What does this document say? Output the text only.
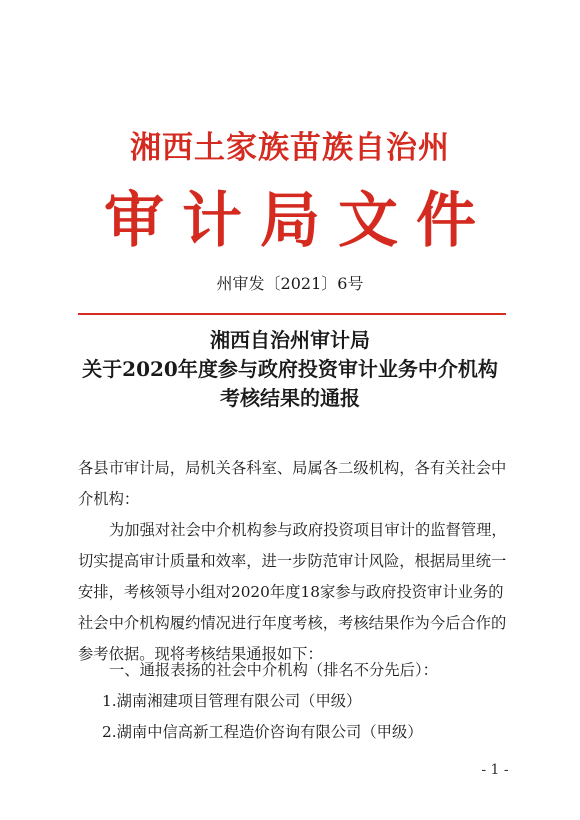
湘西土家族苗族自治州
审计局文件
州审发〔2021〕6号
湘西自治州审计局
关于2020年度参与政府投资审计业务中介机构
考核结果的通报
各县市审计局，局机关各科室、局属各二级机构，各有关社会中
介机构：
为加强对社会中介机构参与政府投资项目审计的监督管理，
切实提高审计质量和效率，进一步防范审计风险，根据局里统一
安排，考核领导小组对2020年度18家参与政府投资审计业务的
社会中介机构履约情况进行年度考核，考核结果作为今后合作的
参考依据。现将考核结果通报如下：
一、通报表扬的社会中介机构（排名不分先后）：
1.湖南湘建项目管理有限公司（甲级）
2.湖南中信高新工程造价咨询有限公司（甲级）
- 1 -
